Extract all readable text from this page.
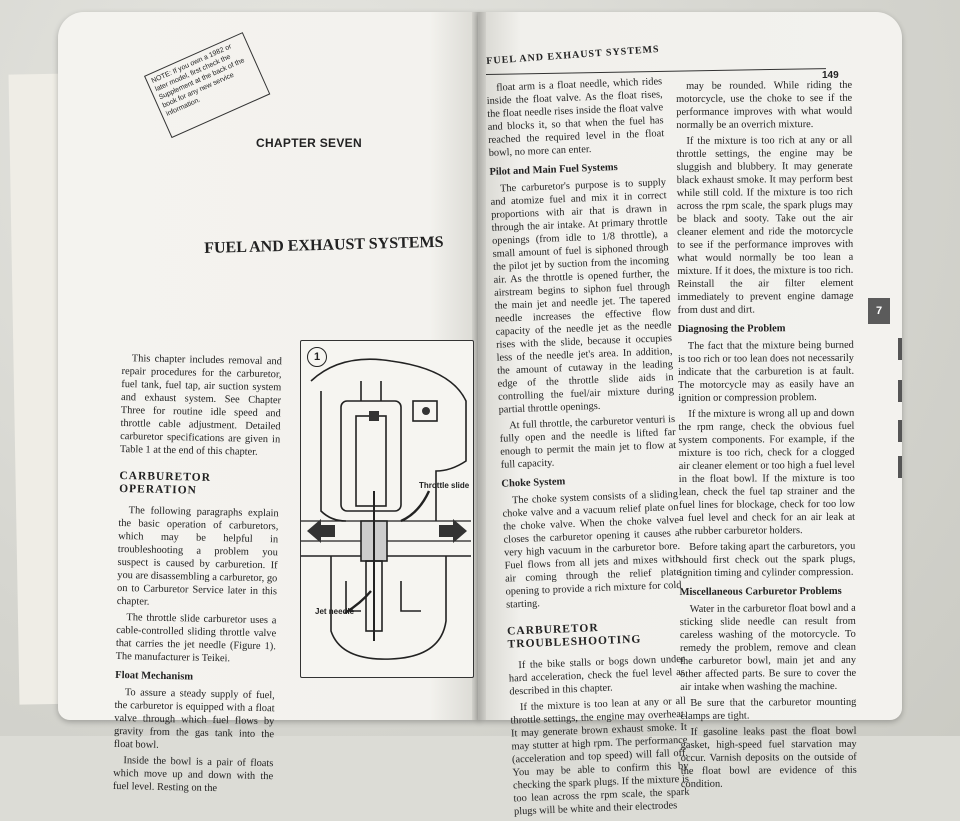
NOTE: If you own a 1982 or later model, first check the Supplement at the back of the book for any new service information.
CHAPTER SEVEN
FUEL AND EXHAUST SYSTEMS

This chapter includes removal and repair procedures for the carburetor, fuel tank, fuel tap, air suction system and exhaust system. See Chapter Three for routine idle speed and throttle cable adjustment. Detailed carburetor specifications are given in Table 1 at the end of this chapter.

CARBURETOR OPERATION

The following paragraphs explain the basic operation of carburetors, which may be helpful in troubleshooting a problem you suspect is caused by carburetion. If you are disassembling a carburetor, go on to Carburetor Service later in this chapter.

The throttle slide carburetor uses a cable-controlled sliding throttle valve that carries the jet needle (Figure 1). The manufacturer is Teikei.

Float Mechanism

To assure a steady supply of fuel, the carburetor is equipped with a float valve through which fuel flows by gravity from the gas tank into the float bowl.

Inside the bowl is a pair of floats which move up and down with the fuel level. Resting on the

1
Throttle slide
Jet needle
FUEL AND EXHAUST SYSTEMS
149

float arm is a float needle, which rides inside the float valve. As the float rises, the float needle rises inside the float valve and blocks it, so that when the fuel has reached the required level in the float bowl, no more can enter.

Pilot and Main Fuel Systems

The carburetor's purpose is to supply and atomize fuel and mix it in correct proportions with air that is drawn in through the air intake. At primary throttle openings (from idle to 1/8 throttle), a small amount of fuel is siphoned through the pilot jet by suction from the incoming air. As the throttle is opened further, the airstream begins to siphon fuel through the main jet and needle jet. The tapered needle increases the effective flow capacity of the needle jet as the needle rises with the slide, because it occupies less of the needle jet's area. In addition, the amount of cutaway in the leading edge of the throttle slide aids in controlling the fuel/air mixture during partial throttle openings.

At full throttle, the carburetor venturi is fully open and the needle is lifted far enough to permit the main jet to flow at full capacity.

Choke System

The choke system consists of a sliding choke valve and a vacuum relief plate on the choke valve. When the choke valve closes the carburetor opening it causes a very high vacuum in the carburetor bore. Fuel flows from all jets and mixes with air coming through the relief plate opening to provide a rich mixture for cold starting.

CARBURETOR TROUBLESHOOTING

If the bike stalls or bogs down under hard acceleration, check the fuel level as described in this chapter.

If the mixture is too lean at any or all throttle settings, the engine may overheat. It may generate brown exhaust smoke. It may stutter at high rpm. The performance (acceleration and top speed) will fall off. You may be able to confirm this by checking the spark plugs. If the mixture is too lean across the rpm scale, the spark plugs will be white and their electrodes

may be rounded. While riding the motorcycle, use the choke to see if the performance improves with what would normally be an overrich mixture.

If the mixture is too rich at any or all throttle settings, the engine may be sluggish and blubbery. It may generate black exhaust smoke. It may perform best while still cold. If the mixture is too rich across the rpm scale, the spark plugs may be black and sooty. Take out the air cleaner element and ride the motorcycle to see if the performance improves with what would normally be too lean a mixture. If it does, the mixture is too rich. Reinstall the air filter element immediately to prevent engine damage from dust and dirt.

Diagnosing the Problem

The fact that the mixture being burned is too rich or too lean does not necessarily indicate that the carburetion is at fault. The motorcycle may as easily have an ignition or compression problem.

If the mixture is wrong all up and down the rpm range, check the obvious fuel system components. For example, if the mixture is too rich, check for a clogged air cleaner element or too high a fuel level in the float bowl. If the mixture is too lean, check the fuel tap strainer and the fuel lines for blockage, check for too low a fuel level and check for an air leak at the rubber carburetor holders.

Before taking apart the carburetors, you should first check out the spark plugs, ignition timing and cylinder compression.

Miscellaneous Carburetor Problems

Water in the carburetor float bowl and a sticking slide needle can result from careless washing of the motorcycle. To remedy the problem, remove and clean the carburetor bowl, main jet and any other affected parts. Be sure to cover the air intake when washing the machine.

Be sure that the carburetor mounting clamps are tight.

If gasoline leaks past the float bowl gasket, high-speed fuel starvation may occur. Varnish deposits on the outside of the float bowl are evidence of this condition.

7
